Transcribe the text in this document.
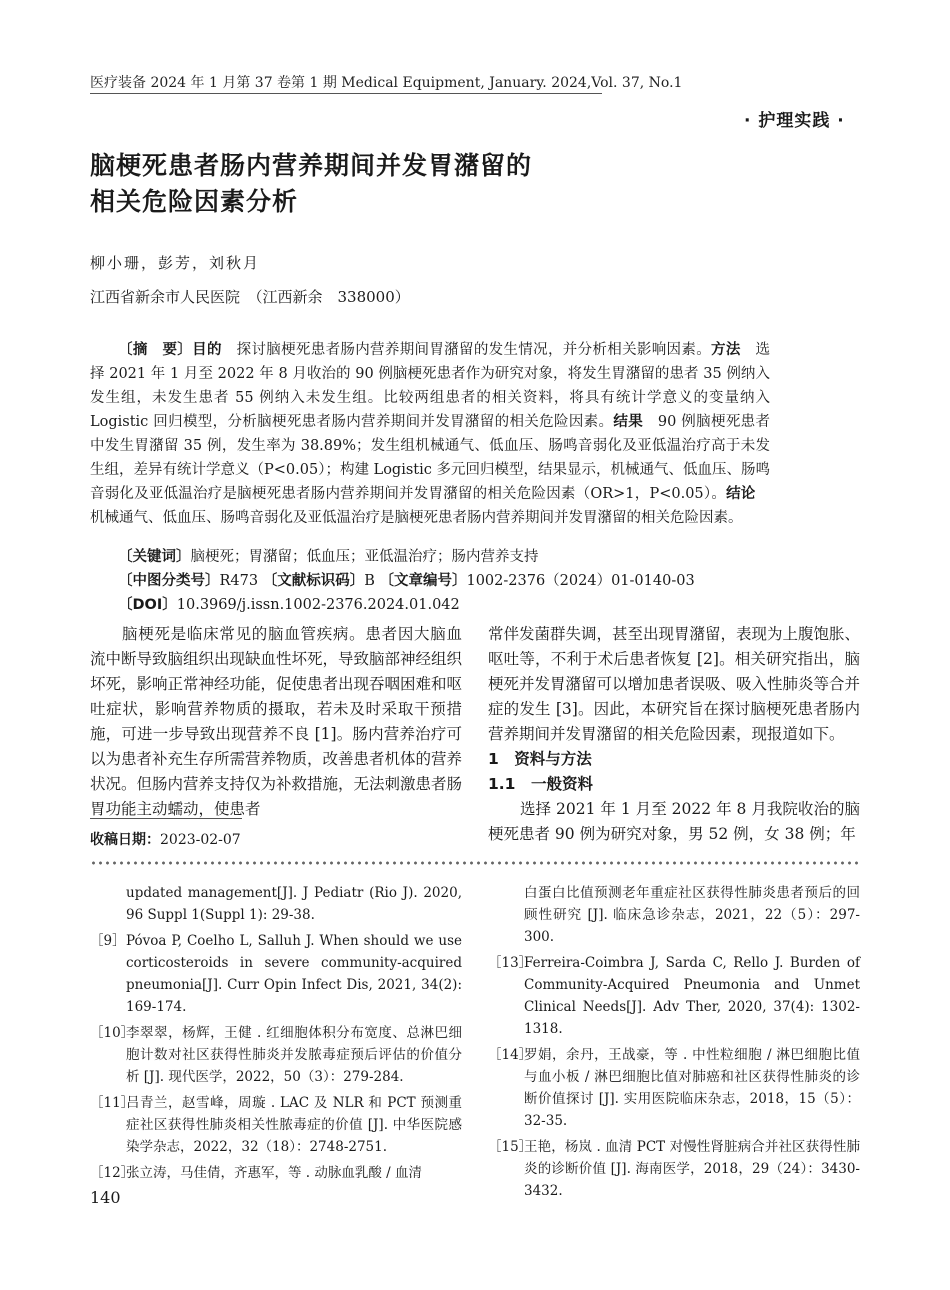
医疗装备 2024 年 1 月第 37 卷第 1 期 Medical Equipment, January. 2024,Vol. 37, No.1
· 护理实践 ·
脑梗死患者肠内营养期间并发胃潴留的
相关危险因素分析
柳小珊，彭芳，刘秋月
江西省新余市人民医院　（江西新余　338000）

〔摘　要〕目的　探讨脑梗死患者肠内营养期间胃潴留的发生情况，并分析相关影响因素。方法　选择 2021 年 1 月至 2022 年 8 月收治的 90 例脑梗死患者作为研究对象，将发生胃潴留的患者 35 例纳入发生组，未发生患者 55 例纳入未发生组。比较两组患者的相关资料，将具有统计学意义的变量纳入 Logistic 回归模型，分析脑梗死患者肠内营养期间并发胃潴留的相关危险因素。结果　90 例脑梗死患者中发生胃潴留 35 例，发生率为 38.89%；发生组机械通气、低血压、肠鸣音弱化及亚低温治疗高于未发生组，差异有统计学意义（P<0.05）；构建 Logistic 多元回归模型，结果显示，机械通气、低血压、肠鸣音弱化及亚低温治疗是脑梗死患者肠内营养期间并发胃潴留的相关危险因素（OR>1，P<0.05）。结论　机械通气、低血压、肠鸣音弱化及亚低温治疗是脑梗死患者肠内营养期间并发胃潴留的相关危险因素。

〔关键词〕脑梗死；胃潴留；低血压；亚低温治疗；肠内营养支持
〔中图分类号〕R473 〔文献标识码〕B 〔文章编号〕1002-2376（2024）01-0140-03
〔DOI〕10.3969/j.issn.1002-2376.2024.01.042

脑梗死是临床常见的脑血管疾病。患者因大脑血流中断导致脑组织出现缺血性坏死，导致脑部神经组织坏死，影响正常神经功能，促使患者出现吞咽困难和呕吐症状，影响营养物质的摄取，若未及时采取干预措施，可进一步导致出现营养不良 [1]。肠内营养治疗可以为患者补充生存所需营养物质，改善患者机体的营养状况。但肠内营养支持仅为补救措施，无法刺激患者肠胃功能主动蠕动，使患者

收稿日期：2023-02-07

常伴发菌群失调，甚至出现胃潴留，表现为上腹饱胀、呕吐等，不利于术后患者恢复 [2]。相关研究指出，脑梗死并发胃潴留可以增加患者误吸、吸入性肺炎等合并症的发生 [3]。因此，本研究旨在探讨脑梗死患者肠内营养期间并发胃潴留的相关危险因素，现报道如下。

1　资料与方法

1.1　一般资料

选择 2021 年 1 月至 2022 年 8 月我院收治的脑梗死患者 90 例为研究对象，男 52 例，女 38 例；年

updated management[J]. J Pediatr (Rio J). 2020, 96 Suppl 1(Suppl 1): 29-38.
［9］ Póvoa P, Coelho L, Salluh J. When should we use corticosteroids in severe community-acquired pneumonia[J]. Curr Opin Infect Dis, 2021, 34(2): 169-174.
［10］
李翠翠，杨辉，王健 . 红细胞体积分布宽度、总淋巴细胞计数对社区获得性肺炎并发脓毒症预后评估的价值分析 [J]. 现代医学，2022，50（3）：279-284.
［11］
吕青兰，赵雪峰，周璇 . LAC 及 NLR 和 PCT 预测重症社区获得性肺炎相关性脓毒症的价值 [J]. 中华医院感染学杂志，2022，32（18）：2748-2751.
［12］
张立涛，马佳倩，齐惠军，等 . 动脉血乳酸 / 血清
白蛋白比值预测老年重症社区获得性肺炎患者预后的回顾性研究 [J]. 临床急诊杂志，2021，22（5）：297-300.
［13］
Ferreira-Coimbra J, Sarda C, Rello J. Burden of Community-Acquired Pneumonia and Unmet Clinical Needs[J]. Adv Ther, 2020, 37(4): 1302-1318.
［14］
罗娟，余丹，王战豪，等 . 中性粒细胞 / 淋巴细胞比值与血小板 / 淋巴细胞比值对肺癌和社区获得性肺炎的诊断价值探讨 [J]. 实用医院临床杂志，2018，15（5）：32-35.
［15］
王艳，杨岚 . 血清 PCT 对慢性肾脏病合并社区获得性肺炎的诊断价值 [J]. 海南医学，2018，29（24）：3430-3432.
140
